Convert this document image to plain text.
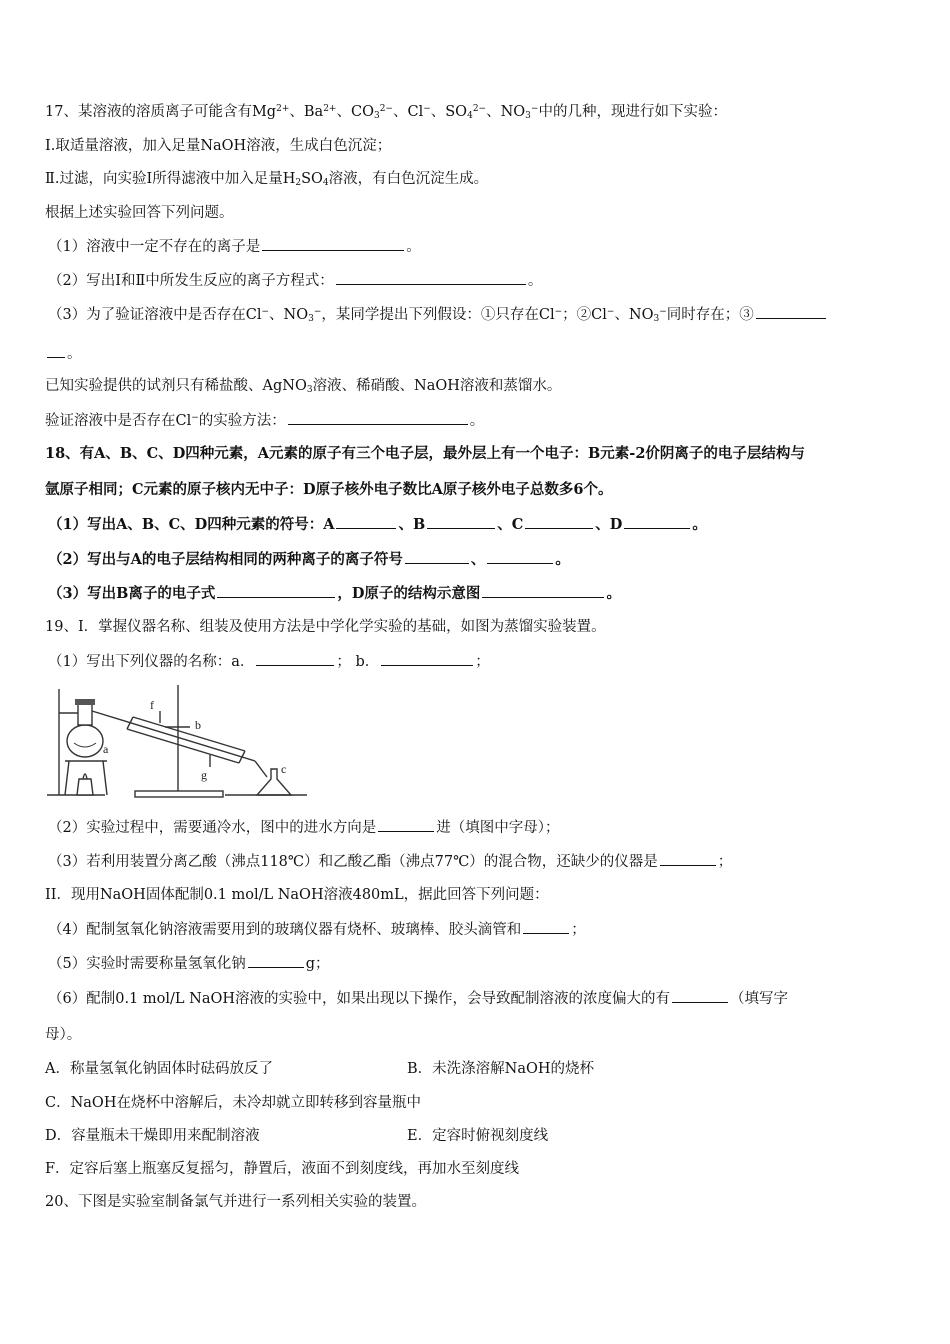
17、某溶液的溶质离子可能含有$Mg^{2+}$、$Ba^{2+}$、$CO_3^{2-}$、Cl−、$SO_4^{2-}$、$NO_3^-$中的几种，现进行如下实验：
Ⅰ.取适量溶液，加入足量NaOH溶液，生成白色沉淀；
Ⅱ.过滤，向实验Ⅰ所得滤液中加入足量$H_2SO_4$溶液，有白色沉淀生成。
根据上述实验回答下列问题。
（1）溶液中一定不存在的离子是	。
（2）写出Ⅰ和Ⅱ中所发生反应的离子方程式：	。
（3）为了验证溶液中是否存在Cl−、$NO_3^-$，某同学提出下列假设：①只存在Cl−；②Cl−、$NO_3^-$同时存在；③
。
已知实验提供的试剂只有稀盐酸、AgNO$_3$溶液、稀硝酸、NaOH溶液和蒸馏水。
验证溶液中是否存在Cl−的实验方法：	。
18、有A、B、C、D四种元素，A元素的原子有三个电子层，最外层上有一个电子：B元素-2价阴离子的电子层结构与
氩原子相同；C元素的原子核内无中子：D原子核外电子数比A原子核外电子总数多6个。
（1）写出A、B、C、D四种元素的符号：A	、B	、C	、D	。
（2）写出与A的电子层结构相同的两种离子的离子符号	、	。
（3）写出B离子的电子式	，D原子的结构示意图	。
19、Ⅰ．掌握仪器名称、组装及使用方法是中学化学实验的基础，如图为蒸馏实验装置。
（1）写出下列仪器的名称：a．	； b．	；
a
b
c
f
g
（2）实验过程中，需要通冷水，图中的进水方向是	进（填图中字母）；
（3）若利用装置分离乙酸（沸点118℃）和乙酸乙酯（沸点77℃）的混合物，还缺少的仪器是	；
II．现用NaOH固体配制0.1 mol/L NaOH溶液480mL，据此回答下列问题：
（4）配制氢氧化钠溶液需要用到的玻璃仪器有烧杯、玻璃棒、胶头滴管和	；
（5）实验时需要称量氢氧化钠	g；
（6）配制0.1 mol/L NaOH溶液的实验中，如果出现以下操作，会导致配制溶液的浓度偏大的有	（填写字
母）。
A．称量氢氧化钠固体时砝码放反了	B．未洗涤溶解NaOH的烧杯
C．NaOH在烧杯中溶解后，未冷却就立即转移到容量瓶中
D．容量瓶未干燥即用来配制溶液	E．定容时俯视刻度线
F．定容后塞上瓶塞反复摇匀，静置后，液面不到刻度线，再加水至刻度线
20、下图是实验室制备氯气并进行一系列相关实验的装置。
